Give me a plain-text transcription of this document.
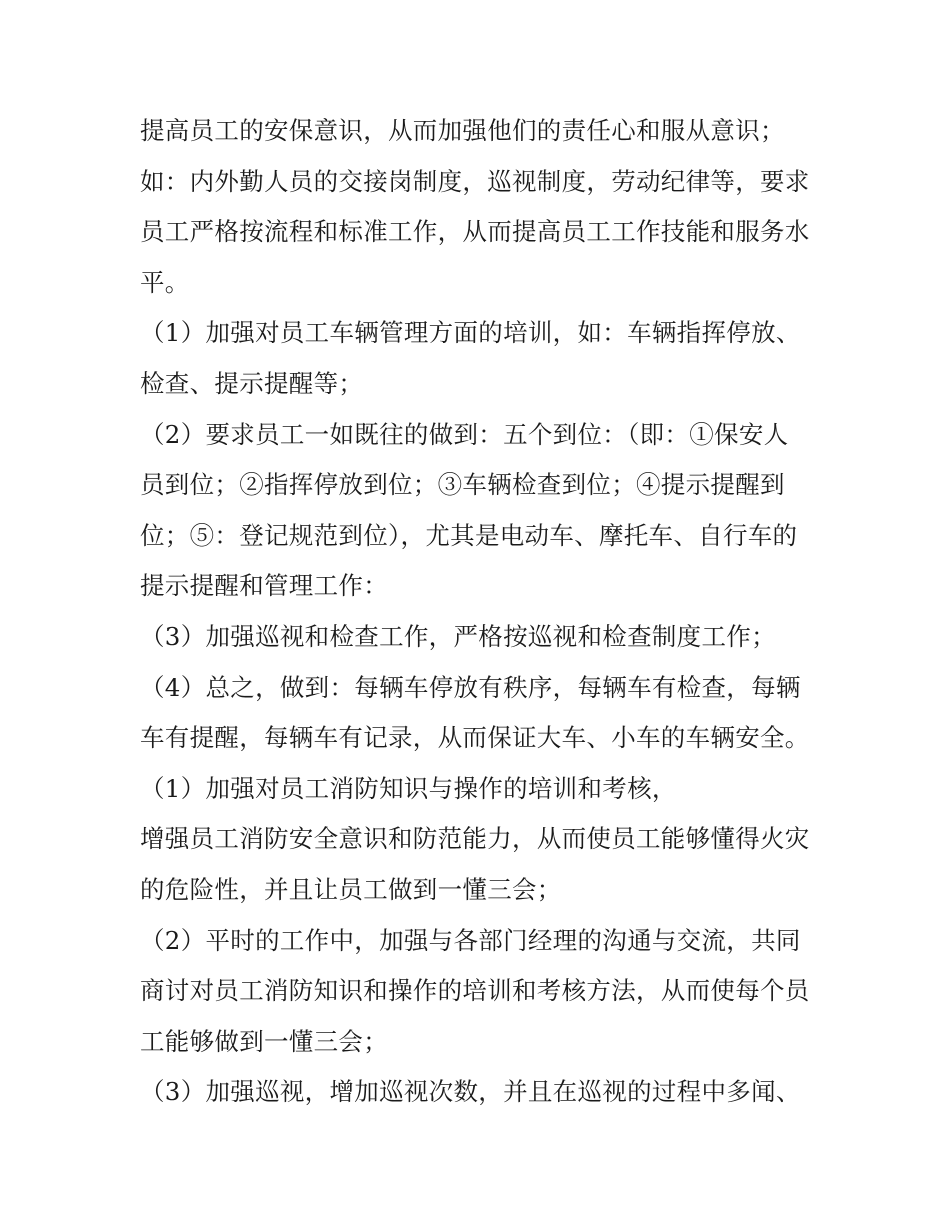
提高员工的安保意识，从而加强他们的责任心和服从意识；
如：内外勤人员的交接岗制度，巡视制度，劳动纪律等，要求
员工严格按流程和标准工作，从而提高员工工作技能和服务水
平。
（1）加强对员工车辆管理方面的培训，如：车辆指挥停放、
检查、提示提醒等；
（2）要求员工一如既往的做到：五个到位：（即：①保安人
员到位；②指挥停放到位；③车辆检查到位；④提示提醒到
位；⑤：登记规范到位），尤其是电动车、摩托车、自行车的
提示提醒和管理工作：
（3）加强巡视和检查工作，严格按巡视和检查制度工作；
（4）总之，做到：每辆车停放有秩序，每辆车有检查，每辆
车有提醒，每辆车有记录，从而保证大车、小车的车辆安全。
（1）加强对员工消防知识与操作的培训和考核，
增强员工消防安全意识和防范能力，从而使员工能够懂得火灾
的危险性，并且让员工做到一懂三会；
（2）平时的工作中，加强与各部门经理的沟通与交流，共同
商讨对员工消防知识和操作的培训和考核方法，从而使每个员
工能够做到一懂三会；
（3）加强巡视，增加巡视次数，并且在巡视的过程中多闻、
